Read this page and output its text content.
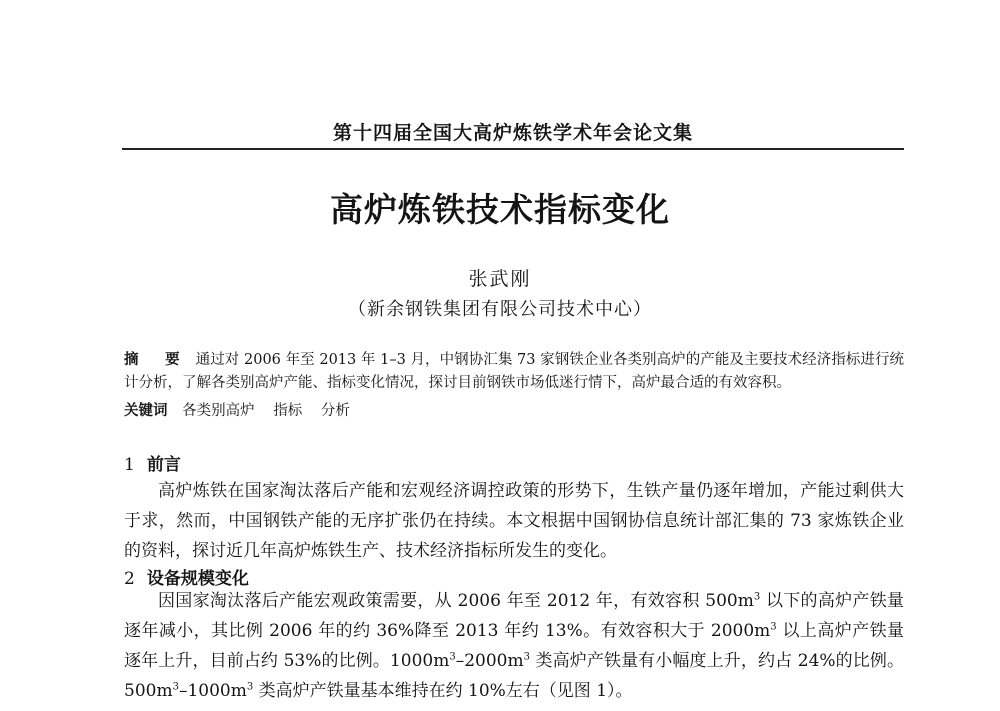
第十四届全国大高炉炼铁学术年会论文集
高炉炼铁技术指标变化
张武刚
（新余钢铁集团有限公司技术中心）
摘　要 通过对 2006 年至 2013 年 1–3 月，中钢协汇集 73 家钢铁企业各类别高炉的产能及主要技术经济指标进行统计分析，了解各类别高炉产能、指标变化情况，探讨目前钢铁市场低迷行情下，高炉最合适的有效容积。
关键词 各类别高炉 指标 分析
1 前言

高炉炼铁在国家淘汰落后产能和宏观经济调控政策的形势下，生铁产量仍逐年增加，产能过剩供大于求，然而，中国钢铁产能的无序扩张仍在持续。本文根据中国钢协信息统计部汇集的 73 家炼铁企业的资料，探讨近几年高炉炼铁生产、技术经济指标所发生的变化。

2 设备规模变化

因国家淘汰落后产能宏观政策需要，从 2006 年至 2012 年，有效容积 $500m^3$ 以下的高炉产铁量逐年减小，其比例 2006 年的约 36%降至 2013 年约 13%。有效容积大于 $2000m^3$ 以上高炉产铁量逐年上升，目前占约 53%的比例。$1000m^3-2000m^3$ 类高炉产铁量有小幅度上升，约占 24%的比例。$500m^3-1000m^3$ 类高炉产铁量基本维持在约 10%左右（见图 1）。
